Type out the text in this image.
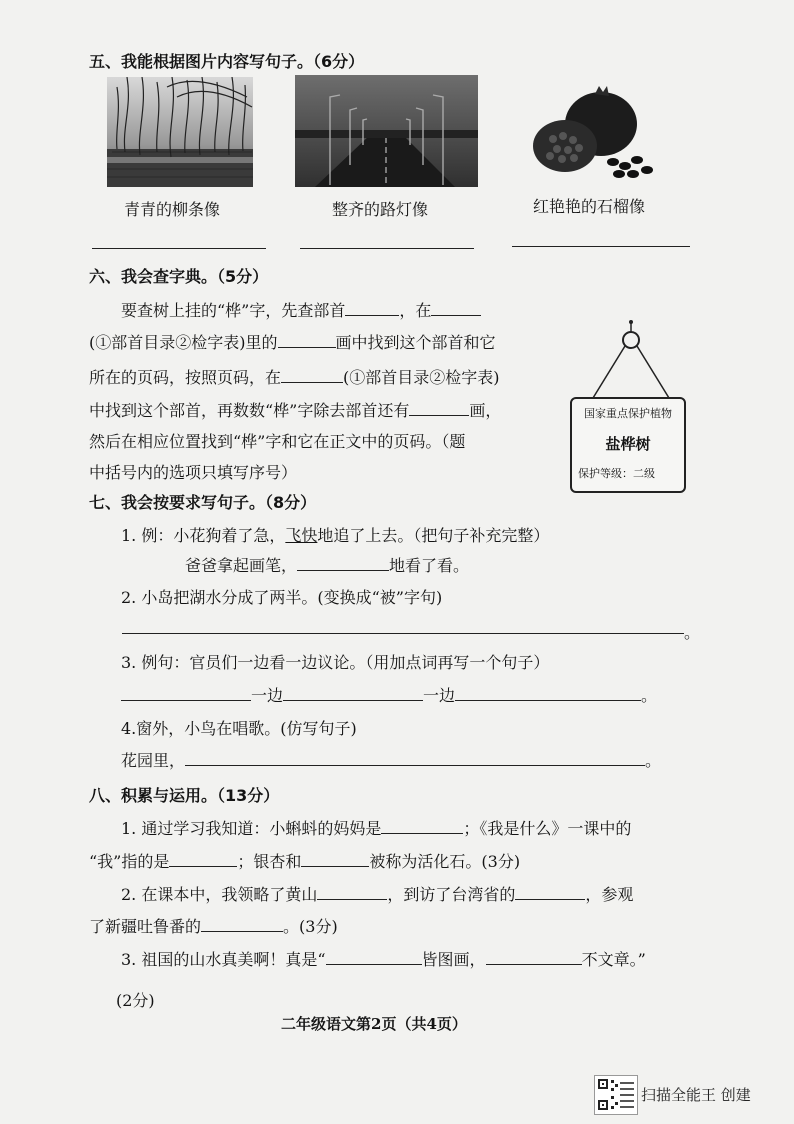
五、我能根据图片内容写句子。（6分）
青青的柳条像	整齐的路灯像	红艳艳的石榴像
六、我会查字典。（5分）
要查树上挂的“桦”字，先查部首	，在
(①部首目录②检字表)里的	画中找到这个部首和它
所在的页码，按照页码，在	(①部首目录②检字表)
中找到这个部首，再数数“桦”字除去部首还有	画，
然后在相应位置找到“桦”字和它在正文中的页码。（题
中括号内的选项只填写序号）
国家重点保护植物
盐桦树
保护等级：二级
七、我会按要求写句子。（8分）
1. 例：小花狗着了急，飞快地追了上去。（把句子补充完整）
爸爸拿起画笔，	地看了看。
2. 小岛把湖水分成了两半。(变换成“被”字句)
。
3. 例句：官员们一边看一边议论。（用加点词再写一个句子）
一边	一边	。
4.窗外，小鸟在唱歌。(仿写句子)
花园里，	。
八、积累与运用。（13分）
1. 通过学习我知道：小蝌蚪的妈妈是	；《我是什么》一课中的
“我”指的是	；银杏和	被称为活化石。(3分)
2. 在课本中，我领略了黄山	，到访了台湾省的	，参观
了新疆吐鲁番的	。(3分)
3. 祖国的山水真美啊！真是“	皆图画，	不文章。”
(2分)
二年级语文第2页（共4页）
扫描全能王 创建
